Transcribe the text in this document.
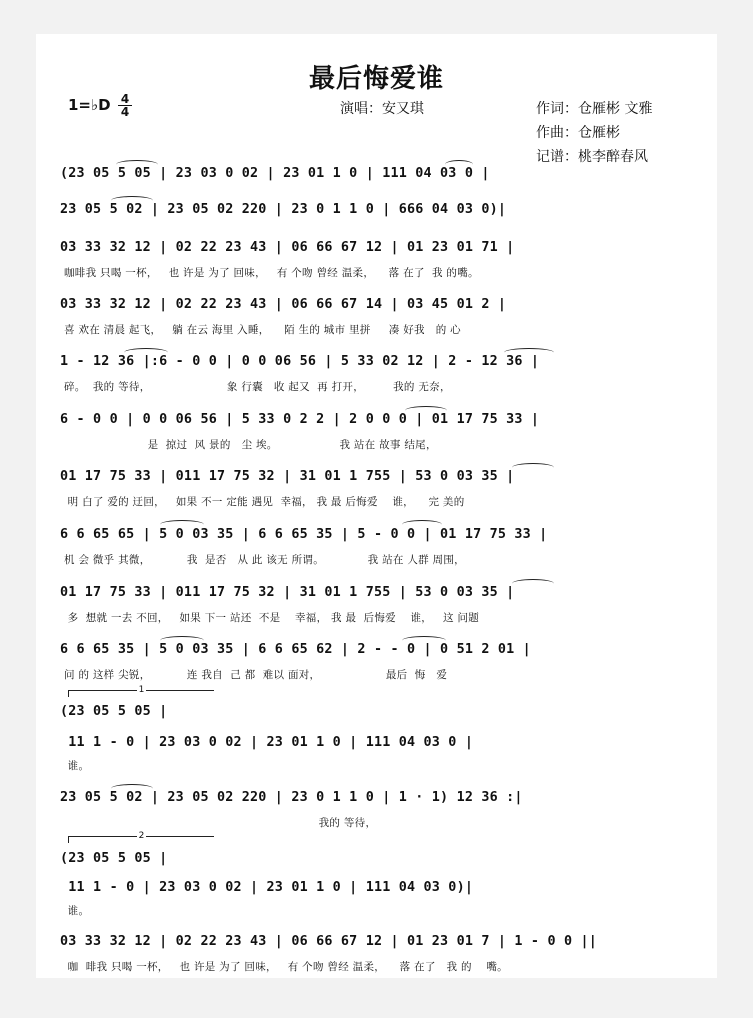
最后悔爱谁
1=♭D 4
4	演唱：安又琪	作词：仓雁彬 文雅
作曲：仓雁彬
记谱：桃李醉春风
(23 05 5 05 | 23 03 0 02 | 23 01 1 0 | 111 04 03 0 |
23 05 5 02 | 23 05 02 220 | 23 0 1 1 0 | 666 04 03 0)|
03 33 32 12 | 02 22 23 43 | 06 66 67 12 | 01 23 01 71 |
咖啡我 只喝 一杯，   也 许是 为了 回味，   有 个吻 曾经 温柔，    落 在了  我 的嘴。
03 33 32 12 | 02 22 23 43 | 06 66 67 14 | 03 45 01 2 |
喜 欢在 清晨 起飞，   躺 在云 海里 入睡，    陌 生的 城市 里拼     凑 好我   的 心
1 - 12 36 |:6 - 0 0 | 0 0 06 56 | 5 33 02 12 | 2 - 12 36 |
碎。  我的 等待，                     象 行囊   收 起又  再 打开，        我的 无奈，
6 - 0 0 | 0 0 06 56 | 5 33 0 2 2 | 2 0 0 0 | 01 17 75 33 |
是  掠过  风 景的   尘 埃。                 我 站在 故事 结尾，
01 17 75 33 | 011 17 75 32 | 31 01 1 755 | 53 0 03 35 |
明 白了 爱的 迂回，   如果 不一 定能 遇见  幸福， 我 最 后悔爱    谁，    完 美的
6 6 65 65 | 5 0 03 35 | 6 6 65 35 | 5 - 0 0 | 01 17 75 33 |
机 会 微乎 其微，          我  是否   从 此 该无 所谓。            我 站在 人群 周围，
01 17 75 33 | 011 17 75 32 | 31 01 1 755 | 53 0 03 35 |
多  想就 一去 不回，   如果 下一 站还  不是    幸福， 我 最  后悔爱    谁，   这 问题
6 6 65 35 | 5 0 03 35 | 6 6 65 62 | 2 - - 0 | 0 51 2 01 |
问 的 这样 尖锐，          连 我自  己 都  难以 面对，                  最后  悔   爱
1
(23 05 5 05 |
11 1 - 0 | 23 03 0 02 | 23 01 1 0 | 111 04 03 0 |
谁。
23 05 5 02 | 23 05 02 220 | 23 0 1 1 0 | 1 · 1) 12 36 :|
我的 等待，
2
(23 05 5 05 |
11 1 - 0 | 23 03 0 02 | 23 01 1 0 | 111 04 03 0)|
谁。
03 33 32 12 | 02 22 23 43 | 06 66 67 12 | 01 23 01 7 | 1 - 0 0 ||
咖  啡我 只喝 一杯，   也 许是 为了 回味，   有 个吻 曾经 温柔，    落 在了   我 的    嘴。
